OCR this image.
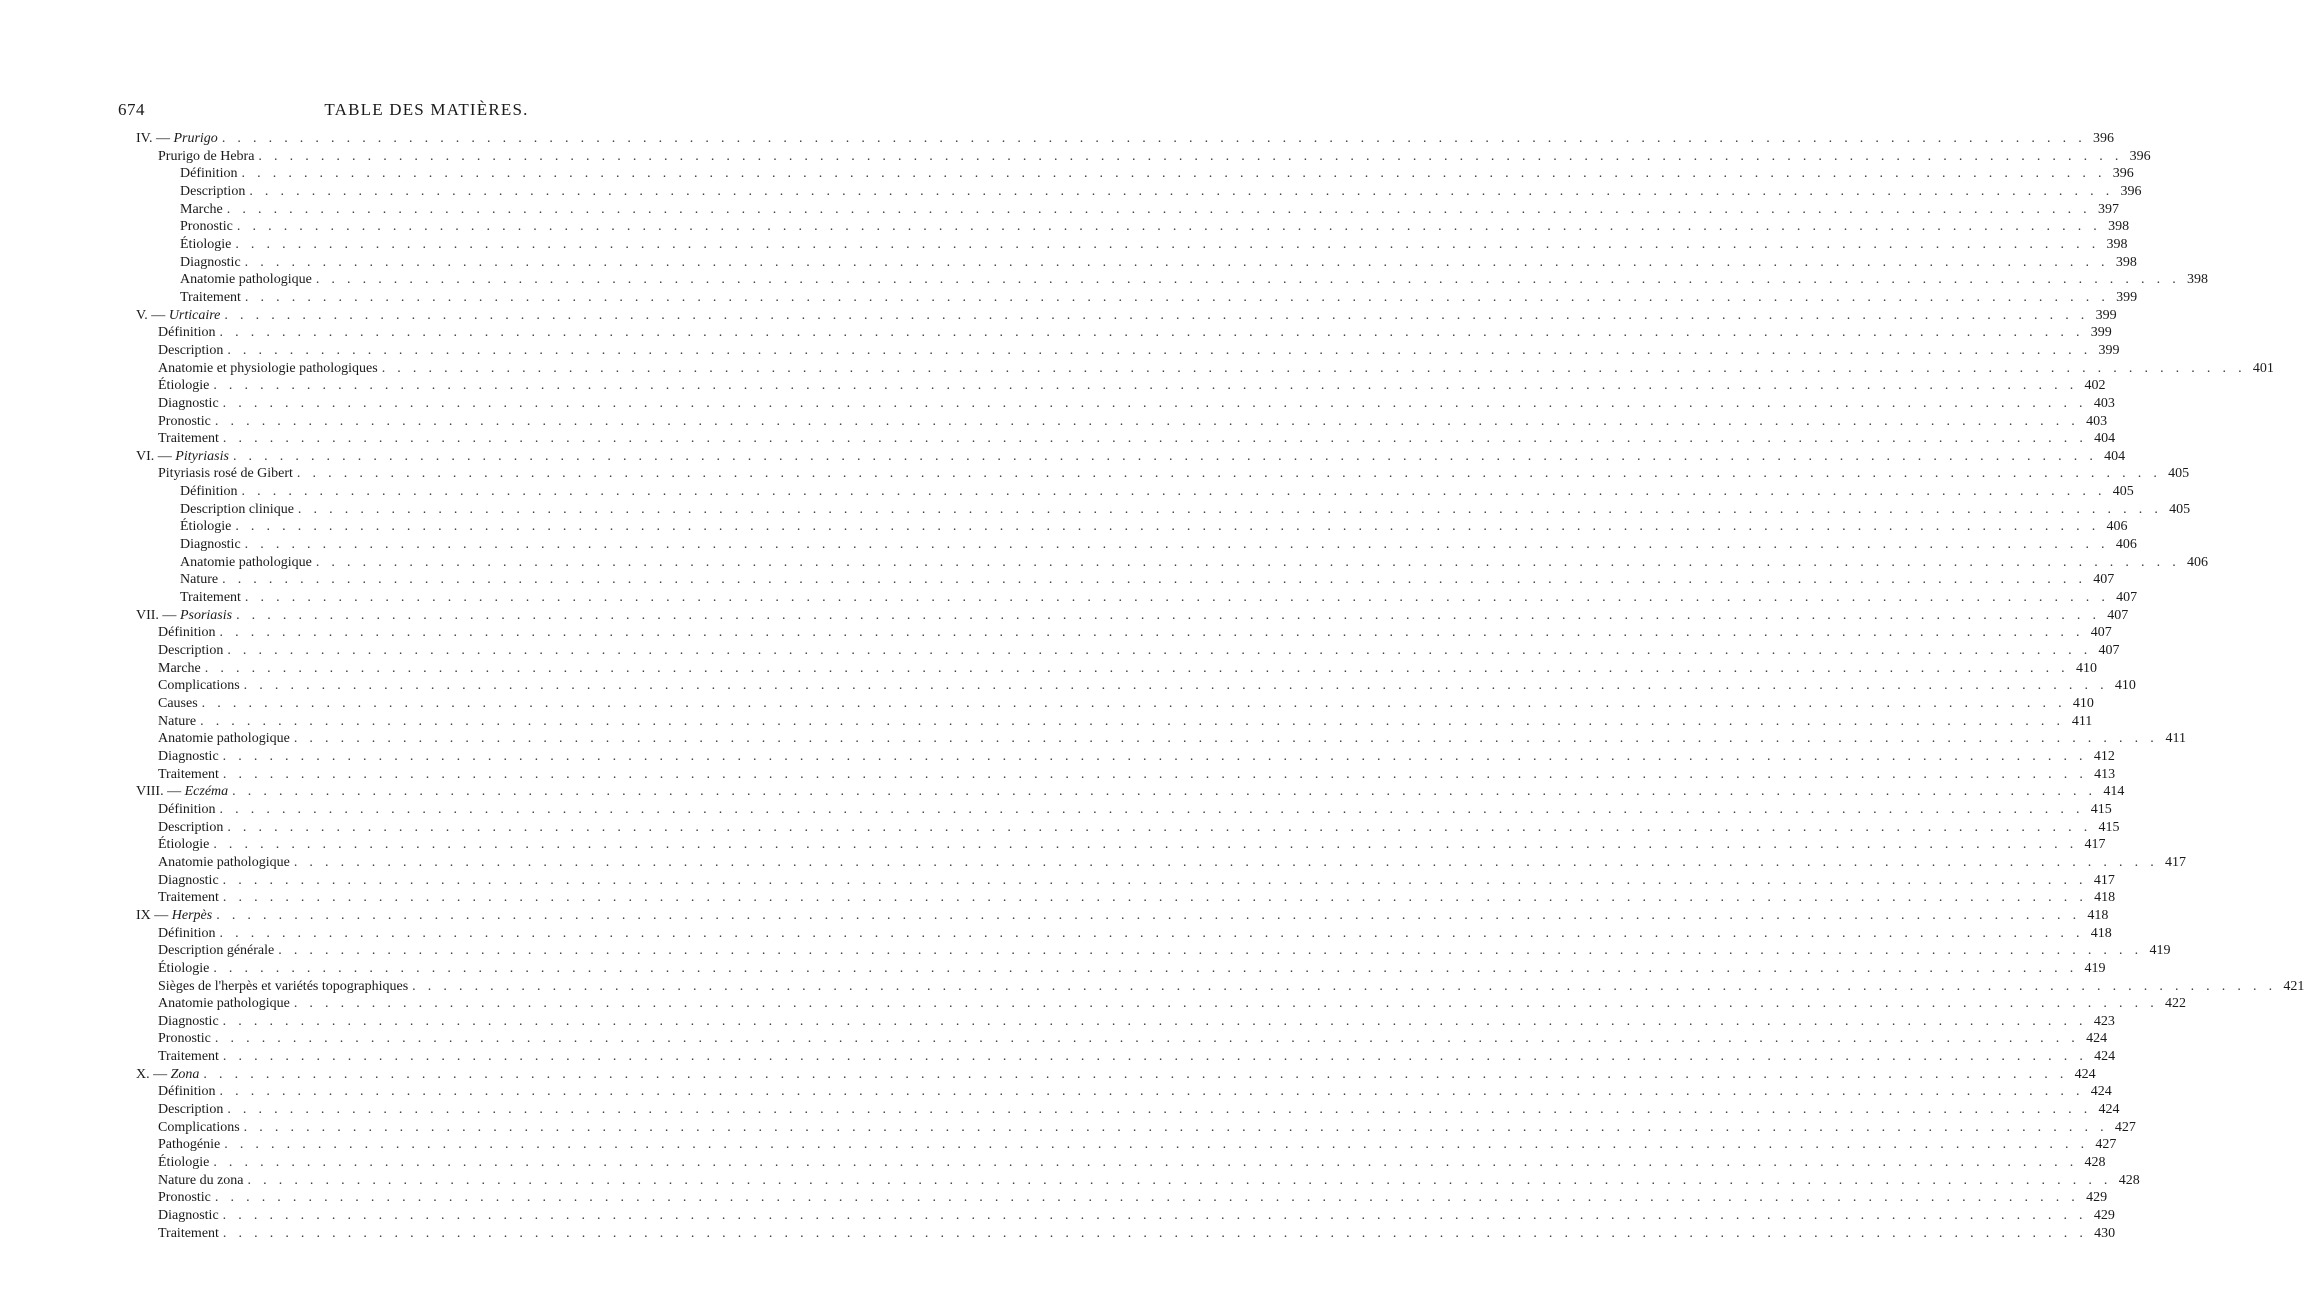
674	TABLE DES MATIÈRES.
IV. — Prurigo . . . . . . . . . . . . . . . . . . . . . . . . . . . . . . . . . . . . . . . . . . . . . . . . . . . . . . . . . . . . . . . . . . . . . . . . . . . . . . . . . . . . . . . . . . . . . . . . . . . . . . . . . . . . . . . . . . . . . . . . 396
Prurigo de Hebra . . . . . . . . . . . . . . . . . . . . . . . . . . . . . . . . . . . . . . . . . . . . . . . . . . . . . . . . . . . . . . . . . . . . . . . . . . . . . . . . . . . . . . . . . . . . . . . . . . . . . . . . . . . . . . . . . . . . . . . . 396
Définition . . . . . . . . . . . . . . . . . . . . . . . . . . . . . . . . . . . . . . . . . . . . . . . . . . . . . . . . . . . . . . . . . . . . . . . . . . . . . . . . . . . . . . . . . . . . . . . . . . . . . . . . . . . . . . . . . . . . . . . . 396
Description . . . . . . . . . . . . . . . . . . . . . . . . . . . . . . . . . . . . . . . . . . . . . . . . . . . . . . . . . . . . . . . . . . . . . . . . . . . . . . . . . . . . . . . . . . . . . . . . . . . . . . . . . . . . . . . . . . . . . . . . 396
Marche . . . . . . . . . . . . . . . . . . . . . . . . . . . . . . . . . . . . . . . . . . . . . . . . . . . . . . . . . . . . . . . . . . . . . . . . . . . . . . . . . . . . . . . . . . . . . . . . . . . . . . . . . . . . . . . . . . . . . . . . 397
Pronostic . . . . . . . . . . . . . . . . . . . . . . . . . . . . . . . . . . . . . . . . . . . . . . . . . . . . . . . . . . . . . . . . . . . . . . . . . . . . . . . . . . . . . . . . . . . . . . . . . . . . . . . . . . . . . . . . . . . . . . . . 398
Étiologie . . . . . . . . . . . . . . . . . . . . . . . . . . . . . . . . . . . . . . . . . . . . . . . . . . . . . . . . . . . . . . . . . . . . . . . . . . . . . . . . . . . . . . . . . . . . . . . . . . . . . . . . . . . . . . . . . . . . . . . . 398
Diagnostic . . . . . . . . . . . . . . . . . . . . . . . . . . . . . . . . . . . . . . . . . . . . . . . . . . . . . . . . . . . . . . . . . . . . . . . . . . . . . . . . . . . . . . . . . . . . . . . . . . . . . . . . . . . . . . . . . . . . . . . . 398
Anatomie pathologique . . . . . . . . . . . . . . . . . . . . . . . . . . . . . . . . . . . . . . . . . . . . . . . . . . . . . . . . . . . . . . . . . . . . . . . . . . . . . . . . . . . . . . . . . . . . . . . . . . . . . . . . . . . . . . . . . . . . . . . . 398
Traitement . . . . . . . . . . . . . . . . . . . . . . . . . . . . . . . . . . . . . . . . . . . . . . . . . . . . . . . . . . . . . . . . . . . . . . . . . . . . . . . . . . . . . . . . . . . . . . . . . . . . . . . . . . . . . . . . . . . . . . . . 399
V. — Urticaire . . . . . . . . . . . . . . . . . . . . . . . . . . . . . . . . . . . . . . . . . . . . . . . . . . . . . . . . . . . . . . . . . . . . . . . . . . . . . . . . . . . . . . . . . . . . . . . . . . . . . . . . . . . . . . . . . . . . . . . . 399
Définition . . . . . . . . . . . . . . . . . . . . . . . . . . . . . . . . . . . . . . . . . . . . . . . . . . . . . . . . . . . . . . . . . . . . . . . . . . . . . . . . . . . . . . . . . . . . . . . . . . . . . . . . . . . . . . . . . . . . . . . . 399
Description . . . . . . . . . . . . . . . . . . . . . . . . . . . . . . . . . . . . . . . . . . . . . . . . . . . . . . . . . . . . . . . . . . . . . . . . . . . . . . . . . . . . . . . . . . . . . . . . . . . . . . . . . . . . . . . . . . . . . . . . 399
Anatomie et physiologie pathologiques . . . . . . . . . . . . . . . . . . . . . . . . . . . . . . . . . . . . . . . . . . . . . . . . . . . . . . . . . . . . . . . . . . . . . . . . . . . . . . . . . . . . . . . . . . . . . . . . . . . . . . . . . . . . . . . . . . . . . . . . 401
Étiologie . . . . . . . . . . . . . . . . . . . . . . . . . . . . . . . . . . . . . . . . . . . . . . . . . . . . . . . . . . . . . . . . . . . . . . . . . . . . . . . . . . . . . . . . . . . . . . . . . . . . . . . . . . . . . . . . . . . . . . . . 402
Diagnostic . . . . . . . . . . . . . . . . . . . . . . . . . . . . . . . . . . . . . . . . . . . . . . . . . . . . . . . . . . . . . . . . . . . . . . . . . . . . . . . . . . . . . . . . . . . . . . . . . . . . . . . . . . . . . . . . . . . . . . . . 403
Pronostic . . . . . . . . . . . . . . . . . . . . . . . . . . . . . . . . . . . . . . . . . . . . . . . . . . . . . . . . . . . . . . . . . . . . . . . . . . . . . . . . . . . . . . . . . . . . . . . . . . . . . . . . . . . . . . . . . . . . . . . . 403
Traitement . . . . . . . . . . . . . . . . . . . . . . . . . . . . . . . . . . . . . . . . . . . . . . . . . . . . . . . . . . . . . . . . . . . . . . . . . . . . . . . . . . . . . . . . . . . . . . . . . . . . . . . . . . . . . . . . . . . . . . . . 404
VI. — Pityriasis . . . . . . . . . . . . . . . . . . . . . . . . . . . . . . . . . . . . . . . . . . . . . . . . . . . . . . . . . . . . . . . . . . . . . . . . . . . . . . . . . . . . . . . . . . . . . . . . . . . . . . . . . . . . . . . . . . . . . . . . 404
Pityriasis rosé de Gibert . . . . . . . . . . . . . . . . . . . . . . . . . . . . . . . . . . . . . . . . . . . . . . . . . . . . . . . . . . . . . . . . . . . . . . . . . . . . . . . . . . . . . . . . . . . . . . . . . . . . . . . . . . . . . . . . . . . . . . . . 405
Définition . . . . . . . . . . . . . . . . . . . . . . . . . . . . . . . . . . . . . . . . . . . . . . . . . . . . . . . . . . . . . . . . . . . . . . . . . . . . . . . . . . . . . . . . . . . . . . . . . . . . . . . . . . . . . . . . . . . . . . . . 405
Description clinique . . . . . . . . . . . . . . . . . . . . . . . . . . . . . . . . . . . . . . . . . . . . . . . . . . . . . . . . . . . . . . . . . . . . . . . . . . . . . . . . . . . . . . . . . . . . . . . . . . . . . . . . . . . . . . . . . . . . . . . . 405
Étiologie . . . . . . . . . . . . . . . . . . . . . . . . . . . . . . . . . . . . . . . . . . . . . . . . . . . . . . . . . . . . . . . . . . . . . . . . . . . . . . . . . . . . . . . . . . . . . . . . . . . . . . . . . . . . . . . . . . . . . . . . 406
Diagnostic . . . . . . . . . . . . . . . . . . . . . . . . . . . . . . . . . . . . . . . . . . . . . . . . . . . . . . . . . . . . . . . . . . . . . . . . . . . . . . . . . . . . . . . . . . . . . . . . . . . . . . . . . . . . . . . . . . . . . . . . 406
Anatomie pathologique . . . . . . . . . . . . . . . . . . . . . . . . . . . . . . . . . . . . . . . . . . . . . . . . . . . . . . . . . . . . . . . . . . . . . . . . . . . . . . . . . . . . . . . . . . . . . . . . . . . . . . . . . . . . . . . . . . . . . . . . 406
Nature . . . . . . . . . . . . . . . . . . . . . . . . . . . . . . . . . . . . . . . . . . . . . . . . . . . . . . . . . . . . . . . . . . . . . . . . . . . . . . . . . . . . . . . . . . . . . . . . . . . . . . . . . . . . . . . . . . . . . . . . 407
Traitement . . . . . . . . . . . . . . . . . . . . . . . . . . . . . . . . . . . . . . . . . . . . . . . . . . . . . . . . . . . . . . . . . . . . . . . . . . . . . . . . . . . . . . . . . . . . . . . . . . . . . . . . . . . . . . . . . . . . . . . . 407
VII. — Psoriasis . . . . . . . . . . . . . . . . . . . . . . . . . . . . . . . . . . . . . . . . . . . . . . . . . . . . . . . . . . . . . . . . . . . . . . . . . . . . . . . . . . . . . . . . . . . . . . . . . . . . . . . . . . . . . . . . . . . . . . . . 407
Définition . . . . . . . . . . . . . . . . . . . . . . . . . . . . . . . . . . . . . . . . . . . . . . . . . . . . . . . . . . . . . . . . . . . . . . . . . . . . . . . . . . . . . . . . . . . . . . . . . . . . . . . . . . . . . . . . . . . . . . . . 407
Description . . . . . . . . . . . . . . . . . . . . . . . . . . . . . . . . . . . . . . . . . . . . . . . . . . . . . . . . . . . . . . . . . . . . . . . . . . . . . . . . . . . . . . . . . . . . . . . . . . . . . . . . . . . . . . . . . . . . . . . . 407
Marche . . . . . . . . . . . . . . . . . . . . . . . . . . . . . . . . . . . . . . . . . . . . . . . . . . . . . . . . . . . . . . . . . . . . . . . . . . . . . . . . . . . . . . . . . . . . . . . . . . . . . . . . . . . . . . . . . . . . . . . . 410
Complications . . . . . . . . . . . . . . . . . . . . . . . . . . . . . . . . . . . . . . . . . . . . . . . . . . . . . . . . . . . . . . . . . . . . . . . . . . . . . . . . . . . . . . . . . . . . . . . . . . . . . . . . . . . . . . . . . . . . . . . . 410
Causes . . . . . . . . . . . . . . . . . . . . . . . . . . . . . . . . . . . . . . . . . . . . . . . . . . . . . . . . . . . . . . . . . . . . . . . . . . . . . . . . . . . . . . . . . . . . . . . . . . . . . . . . . . . . . . . . . . . . . . . . 410
Nature . . . . . . . . . . . . . . . . . . . . . . . . . . . . . . . . . . . . . . . . . . . . . . . . . . . . . . . . . . . . . . . . . . . . . . . . . . . . . . . . . . . . . . . . . . . . . . . . . . . . . . . . . . . . . . . . . . . . . . . . 411
Anatomie pathologique . . . . . . . . . . . . . . . . . . . . . . . . . . . . . . . . . . . . . . . . . . . . . . . . . . . . . . . . . . . . . . . . . . . . . . . . . . . . . . . . . . . . . . . . . . . . . . . . . . . . . . . . . . . . . . . . . . . . . . . . 411
Diagnostic . . . . . . . . . . . . . . . . . . . . . . . . . . . . . . . . . . . . . . . . . . . . . . . . . . . . . . . . . . . . . . . . . . . . . . . . . . . . . . . . . . . . . . . . . . . . . . . . . . . . . . . . . . . . . . . . . . . . . . . . 412
Traitement . . . . . . . . . . . . . . . . . . . . . . . . . . . . . . . . . . . . . . . . . . . . . . . . . . . . . . . . . . . . . . . . . . . . . . . . . . . . . . . . . . . . . . . . . . . . . . . . . . . . . . . . . . . . . . . . . . . . . . . . 413
VIII. — Eczéma . . . . . . . . . . . . . . . . . . . . . . . . . . . . . . . . . . . . . . . . . . . . . . . . . . . . . . . . . . . . . . . . . . . . . . . . . . . . . . . . . . . . . . . . . . . . . . . . . . . . . . . . . . . . . . . . . . . . . . . . 414
Définition . . . . . . . . . . . . . . . . . . . . . . . . . . . . . . . . . . . . . . . . . . . . . . . . . . . . . . . . . . . . . . . . . . . . . . . . . . . . . . . . . . . . . . . . . . . . . . . . . . . . . . . . . . . . . . . . . . . . . . . . 415
Description . . . . . . . . . . . . . . . . . . . . . . . . . . . . . . . . . . . . . . . . . . . . . . . . . . . . . . . . . . . . . . . . . . . . . . . . . . . . . . . . . . . . . . . . . . . . . . . . . . . . . . . . . . . . . . . . . . . . . . . . 415
Étiologie . . . . . . . . . . . . . . . . . . . . . . . . . . . . . . . . . . . . . . . . . . . . . . . . . . . . . . . . . . . . . . . . . . . . . . . . . . . . . . . . . . . . . . . . . . . . . . . . . . . . . . . . . . . . . . . . . . . . . . . . 417
Anatomie pathologique . . . . . . . . . . . . . . . . . . . . . . . . . . . . . . . . . . . . . . . . . . . . . . . . . . . . . . . . . . . . . . . . . . . . . . . . . . . . . . . . . . . . . . . . . . . . . . . . . . . . . . . . . . . . . . . . . . . . . . . . 417
Diagnostic . . . . . . . . . . . . . . . . . . . . . . . . . . . . . . . . . . . . . . . . . . . . . . . . . . . . . . . . . . . . . . . . . . . . . . . . . . . . . . . . . . . . . . . . . . . . . . . . . . . . . . . . . . . . . . . . . . . . . . . . 417
Traitement . . . . . . . . . . . . . . . . . . . . . . . . . . . . . . . . . . . . . . . . . . . . . . . . . . . . . . . . . . . . . . . . . . . . . . . . . . . . . . . . . . . . . . . . . . . . . . . . . . . . . . . . . . . . . . . . . . . . . . . . 418
IX — Herpès . . . . . . . . . . . . . . . . . . . . . . . . . . . . . . . . . . . . . . . . . . . . . . . . . . . . . . . . . . . . . . . . . . . . . . . . . . . . . . . . . . . . . . . . . . . . . . . . . . . . . . . . . . . . . . . . . . . . . . . . 418
Définition . . . . . . . . . . . . . . . . . . . . . . . . . . . . . . . . . . . . . . . . . . . . . . . . . . . . . . . . . . . . . . . . . . . . . . . . . . . . . . . . . . . . . . . . . . . . . . . . . . . . . . . . . . . . . . . . . . . . . . . . 418
Description générale . . . . . . . . . . . . . . . . . . . . . . . . . . . . . . . . . . . . . . . . . . . . . . . . . . . . . . . . . . . . . . . . . . . . . . . . . . . . . . . . . . . . . . . . . . . . . . . . . . . . . . . . . . . . . . . . . . . . . . . . 419
Étiologie . . . . . . . . . . . . . . . . . . . . . . . . . . . . . . . . . . . . . . . . . . . . . . . . . . . . . . . . . . . . . . . . . . . . . . . . . . . . . . . . . . . . . . . . . . . . . . . . . . . . . . . . . . . . . . . . . . . . . . . . 419
Sièges de l'herpès et variétés topographiques . . . . . . . . . . . . . . . . . . . . . . . . . . . . . . . . . . . . . . . . . . . . . . . . . . . . . . . . . . . . . . . . . . . . . . . . . . . . . . . . . . . . . . . . . . . . . . . . . . . . . . . . . . . . . . . . . . . . . . . . 421
Anatomie pathologique . . . . . . . . . . . . . . . . . . . . . . . . . . . . . . . . . . . . . . . . . . . . . . . . . . . . . . . . . . . . . . . . . . . . . . . . . . . . . . . . . . . . . . . . . . . . . . . . . . . . . . . . . . . . . . . . . . . . . . . . 422
Diagnostic . . . . . . . . . . . . . . . . . . . . . . . . . . . . . . . . . . . . . . . . . . . . . . . . . . . . . . . . . . . . . . . . . . . . . . . . . . . . . . . . . . . . . . . . . . . . . . . . . . . . . . . . . . . . . . . . . . . . . . . . 423
Pronostic . . . . . . . . . . . . . . . . . . . . . . . . . . . . . . . . . . . . . . . . . . . . . . . . . . . . . . . . . . . . . . . . . . . . . . . . . . . . . . . . . . . . . . . . . . . . . . . . . . . . . . . . . . . . . . . . . . . . . . . . 424
Traitement . . . . . . . . . . . . . . . . . . . . . . . . . . . . . . . . . . . . . . . . . . . . . . . . . . . . . . . . . . . . . . . . . . . . . . . . . . . . . . . . . . . . . . . . . . . . . . . . . . . . . . . . . . . . . . . . . . . . . . . . 424
X. — Zona . . . . . . . . . . . . . . . . . . . . . . . . . . . . . . . . . . . . . . . . . . . . . . . . . . . . . . . . . . . . . . . . . . . . . . . . . . . . . . . . . . . . . . . . . . . . . . . . . . . . . . . . . . . . . . . . . . . . . . . . 424
Définition . . . . . . . . . . . . . . . . . . . . . . . . . . . . . . . . . . . . . . . . . . . . . . . . . . . . . . . . . . . . . . . . . . . . . . . . . . . . . . . . . . . . . . . . . . . . . . . . . . . . . . . . . . . . . . . . . . . . . . . . 424
Description . . . . . . . . . . . . . . . . . . . . . . . . . . . . . . . . . . . . . . . . . . . . . . . . . . . . . . . . . . . . . . . . . . . . . . . . . . . . . . . . . . . . . . . . . . . . . . . . . . . . . . . . . . . . . . . . . . . . . . . . 424
Complications . . . . . . . . . . . . . . . . . . . . . . . . . . . . . . . . . . . . . . . . . . . . . . . . . . . . . . . . . . . . . . . . . . . . . . . . . . . . . . . . . . . . . . . . . . . . . . . . . . . . . . . . . . . . . . . . . . . . . . . . 427
Pathogénie . . . . . . . . . . . . . . . . . . . . . . . . . . . . . . . . . . . . . . . . . . . . . . . . . . . . . . . . . . . . . . . . . . . . . . . . . . . . . . . . . . . . . . . . . . . . . . . . . . . . . . . . . . . . . . . . . . . . . . . . 427
Étiologie . . . . . . . . . . . . . . . . . . . . . . . . . . . . . . . . . . . . . . . . . . . . . . . . . . . . . . . . . . . . . . . . . . . . . . . . . . . . . . . . . . . . . . . . . . . . . . . . . . . . . . . . . . . . . . . . . . . . . . . . 428
Nature du zona . . . . . . . . . . . . . . . . . . . . . . . . . . . . . . . . . . . . . . . . . . . . . . . . . . . . . . . . . . . . . . . . . . . . . . . . . . . . . . . . . . . . . . . . . . . . . . . . . . . . . . . . . . . . . . . . . . . . . . . . 428
Pronostic . . . . . . . . . . . . . . . . . . . . . . . . . . . . . . . . . . . . . . . . . . . . . . . . . . . . . . . . . . . . . . . . . . . . . . . . . . . . . . . . . . . . . . . . . . . . . . . . . . . . . . . . . . . . . . . . . . . . . . . . 429
Diagnostic . . . . . . . . . . . . . . . . . . . . . . . . . . . . . . . . . . . . . . . . . . . . . . . . . . . . . . . . . . . . . . . . . . . . . . . . . . . . . . . . . . . . . . . . . . . . . . . . . . . . . . . . . . . . . . . . . . . . . . . . 429
Traitement . . . . . . . . . . . . . . . . . . . . . . . . . . . . . . . . . . . . . . . . . . . . . . . . . . . . . . . . . . . . . . . . . . . . . . . . . . . . . . . . . . . . . . . . . . . . . . . . . . . . . . . . . . . . . . . . . . . . . . . . 430
